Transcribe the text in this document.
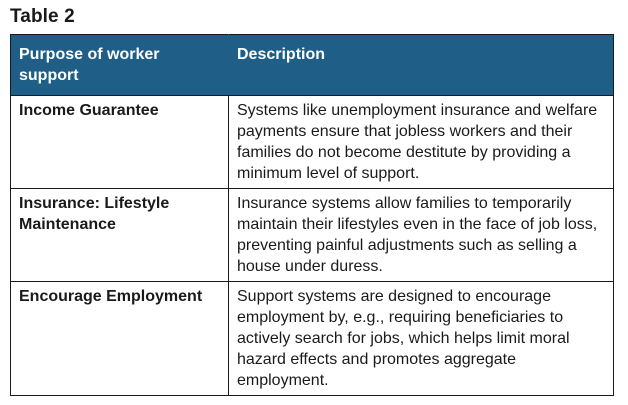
Table 2
Purpose of worker support	Description
Income Guarantee	Systems like unemployment insurance and welfare payments ensure that jobless workers and their families do not become destitute by providing a minimum level of support.
Insurance: Lifestyle Maintenance	Insurance systems allow families to temporarily maintain their lifestyles even in the face of job loss, preventing painful adjustments such as selling a house under duress.
Encourage Employment	Support systems are designed to encourage employment by, e.g., requiring beneficiaries to actively search for jobs, which helps limit moral hazard effects and promotes aggregate employment.
